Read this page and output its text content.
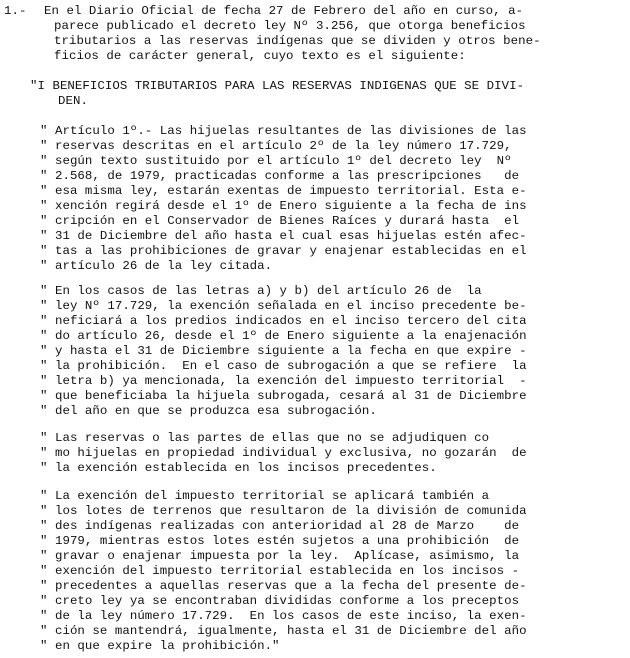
1.- En el Diario Oficial de fecha 27 de Febrero del año en curso, a-
parece publicado el decreto ley Nº 3.256, que otorga beneficios
tributarios a las reservas indígenas que se dividen y otros bene-
ficios de carácter general, cuyo texto es el siguiente:
"I BENEFICIOS TRIBUTARIOS PARA LAS RESERVAS INDIGENAS QUE SE DIVI-
DEN.
" Artículo 1º.- Las hijuelas resultantes de las divisiones de las
" reservas descritas en el artículo 2º de la ley número 17.729,
" según texto sustituido por el artículo 1º del decreto ley  Nº
" 2.568, de 1979, practicadas conforme a las prescripciones   de
" esa misma ley, estarán exentas de impuesto territorial. Esta e-
" xención regirá desde el 1º de Enero siguiente a la fecha de ins
" cripción en el Conservador de Bienes Raíces y durará hasta  el
" 31 de Diciembre del año hasta el cual esas hijuelas estén afec-
" tas a las prohibiciones de gravar y enajenar establecidas en el
" artículo 26 de la ley citada.
" En los casos de las letras a) y b) del artículo 26 de  la
" ley Nº 17.729, la exención señalada en el inciso precedente be-
" neficiará a los predios indicados en el inciso tercero del cita
" do artículo 26, desde el 1º de Enero siguiente a la enajenación
" y hasta el 31 de Diciembre siguiente a la fecha en que expire -
" la prohibición.  En el caso de subrogación a que se refiere  la
" letra b) ya mencionada, la exención del impuesto territorial  -
" que beneficiaba la hijuela subrogada, cesará al 31 de Diciembre
" del año en que se produzca esa subrogación.
" Las reservas o las partes de ellas que no se adjudiquen co
" mo hijuelas en propiedad individual y exclusiva, no gozarán  de
" la exención establecida en los incisos precedentes.
" La exención del impuesto territorial se aplicará también a
" los lotes de terrenos que resultaron de la división de comunida
" des indígenas realizadas con anterioridad al 28 de Marzo    de
" 1979, mientras estos lotes estén sujetos a una prohibición  de
" gravar o enajenar impuesta por la ley.  Aplícase, asimismo, la
" exención del impuesto territorial establecida en los incisos -
" precedentes a aquellas reservas que a la fecha del presente de-
" creto ley ya se encontraban divididas conforme a los preceptos
" de la ley número 17.729.  En los casos de este inciso, la exen-
" ción se mantendrá, igualmente, hasta el 31 de Diciembre del año
" en que expire la prohibición."
